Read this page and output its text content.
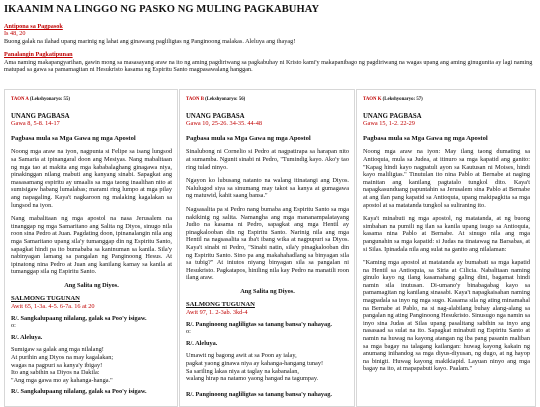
IKAANIM NA LINGGO NG PASKO NG MULING PAGKABUHAY
Antipona sa Pagpasok
Is 48, 20
Buong galak na ilahad upang marinig ng lahat ang ginawang pagliligtas ng Panginoong malakas. Aleluya ang ihayag!
Panalangin Pagkatipunan
Ama naming makapangyarihan, gawin mong sa masasayang araw na ito ng aming pagdiriwang sa pagkabuhay ni Kristo kami'y makapanibago ng pagdiriwang na wagas upang ang aming ginugunita ay lagi naming matupad sa gawa sa pamamagitan ni Hesukristo kasama ng Espiritu Santo magpasawalang hanggan.
TAON A (Lekshyonaryo: 55)
UNANG PAGBASA
Gawa 8, 5-8. 14-17
Pagbasa mula sa Mga Gawa ng mga Apostol
Noong mga araw na iyon, nagpunta si Felipe sa isang lungsod sa Samaria at ipinangaral doon ang Mesiyas. Nang mabalitaan ng mga tao at makita ang mga kababalaghang ginagawa niya, pinakinggan nilang mabuti ang kanyang sinabi. Sapagkat ang masasamang espiritu ay umaalis sa mga taong inaalihan nito at sumisigaw habang lumalabas; marami ring lumpo at mga pilay ang napagaling. Kaya't nagkaroon ng malaking kagalakan sa lungsod na iyon.
Nang mabalitaan ng mga apostol na nasa Jerusalem na tinanggap ng mga Samaritano ang Salita ng Diyos, sinugo nila roon sina Pedro at Juan. Pagdating doon, ipinanalangin nila ang mga Samaritano upang sila'y tumanggap din ng Espiritu Santo, sapagkat hindi pa ito bumababa sa kaninuman sa kanila. Sila'y nabinyagan lamang sa pangalan ng Panginoong Hesus. At ipinatong nina Pedro at Juan ang kanilang kamay sa kanila at tumanggap sila ng Espiritu Santo.
Ang Salita ng Diyos.
SALMONG TUGUNAN
Awit 65, 1-3a. 4-5. 6-7a. 16 at 20
R/. Sangkalupaang nilalang, galak sa Poo'y isigaw.
o:
R/. Aleluya.
Sumigaw sa galak ang mga nilalang!
At purihin ang Diyos na may kagalakan;
wagas na pagpuri sa kanya'y ibigay!
Ito ang sabihin sa Diyos na Dakila:
"Ang mga gawa mo ay kahanga-hanga."
R/. Sangkalupaang nilalang, galak sa Poo'y isigaw.
TAON B (Lekshyonaryo: 56)
UNANG PAGBASA
Gawa 10, 25-26. 34-35. 44-48
Pagbasa mula sa Mga Gawa ng mga Apostol
Sinalubong ni Cornelio si Pedro at nagpatirapa sa harapan nito at sumamba. Ngunit sinabi ni Pedro, "Tumindig kayo. Ako'y tao ring tulad ninyo.
Ngayon ko lubusang natanto na walang itinatangi ang Diyos. Nalulugod siya sa sinumang may takot sa kanya at gumagawa ng matuwid, kahit saang bansa."
Nagsasalita pa si Pedro nang bumaba ang Espiritu Santo sa mga nakikinig ng salita. Namangha ang mga mananampalatayang Judio na kasama ni Pedro, sapagkat ang mga Hentil ay pinagkalooban din ng Espiritu Santo. Narinig nila ang mga Hentil na nagsasalita sa iba't ibang wika at nagpupuri sa Diyos. Kaya't sinabi ni Pedro, "Sinabi natin, sila'y pinagkalooban din ng Espiritu Santo. Sino pa ang makahahadlang sa binyagan sila sa tubig?" At iniutos niyang binyagan sila sa pangalan ni Hesukristo. Pagkatapos, hiniling nila kay Pedro na manatili roon ilang araw.
Ang Salita ng Diyos.
SALMONG TUGUNAN
Awit 97, 1. 2-3ab. 3kd-4
R/. Panginoong nagliligtas sa tanang bansa'y nahayag.
o:
R/. Aleluya.
Umawit ng bagong awit at sa Poon ay ialay,
pagkat yaong ginawa niya ay kahanga-hangang tunay!
Sa sariling lakas niya at taglay na kabanalan,
walang hirap na natamo yaong hangad na tagumpay.
R/. Panginoong nagliligtas sa tanang bansa'y nahayag.
TAON K (Lekshyonaryo: 57)
UNANG PAGBASA
Gawa 15, 1-2. 22-29
Pagbasa mula sa Mga Gawa ng mga Apostol
Noong mga araw na iyon: May ilang taong dumating sa Antioquia, mula sa Judea, at itinuro sa mga kapatid ang ganito: "Kapag hindi kayo nagpatuli ayon sa Kautusan ni Moises, hindi kayo maliligtas." Tinutulan ito nina Pablo at Bernabe at naging mainitan ang kanilang pagtatalo tungkol dito. Kaya't napagkasunduang papuntahin sa Jerusalem sina Pablo at Bernabe at ang ilan pang kapatid sa Antioquia, upang makipagkita sa mga apostol at sa matatanda tungkol sa suliraning ito.
Kaya't minabuti ng mga apostol, ng matatanda, at ng buong simbahan na pumili ng ilan sa kanila upang isugo sa Antioquia, kasama nina Pablo at Bernabe. At sinugo nila ang mga pangunahin sa mga kapatid: si Judas na tinatawag na Barsabas, at si Silas. Ipinadala nila ang sulat na ganito ang nilalaman:
"Kaming mga apostol at matatanda ay bumabati sa mga kapatid na Hentil sa Antioquia, sa Siria at Cilicia. Nabalitaan naming ginulo kayo ng ilang kasamahang galing dini, bagamat hindi namin sila inutusan. Di-umano'y binabagabag kayo sa pamamagitan ng kanilang sinasabi. Kaya't napagkaisahan naming magpadala sa inyo ng mga sugo. Kasama sila ng ating minamahal na Bernabe at Pablo, na si nag-alabilang buhay alang-alang sa pangalan ng ating Panginoong Hesukristo. Sinusugo nga namin sa inyo sina Judas at Silas upang pasalitang sabihin sa inyo ang nasasaad sa sulat na ito. Sapagkat minabuti ng Espiritu Santo at namin na huwag na kayong atangan ng iba pang pasanin maliban sa mga bagay na talagang kailangan: huwag kayong kakain ng anumang inihandog sa mga diyus-diyusan, ng dugo, at ng hayop na binigti. Huwag kayong makikiapid. Layuan ninyo ang mga bagay na ito, at mapapabuti kayo. Paalam."
